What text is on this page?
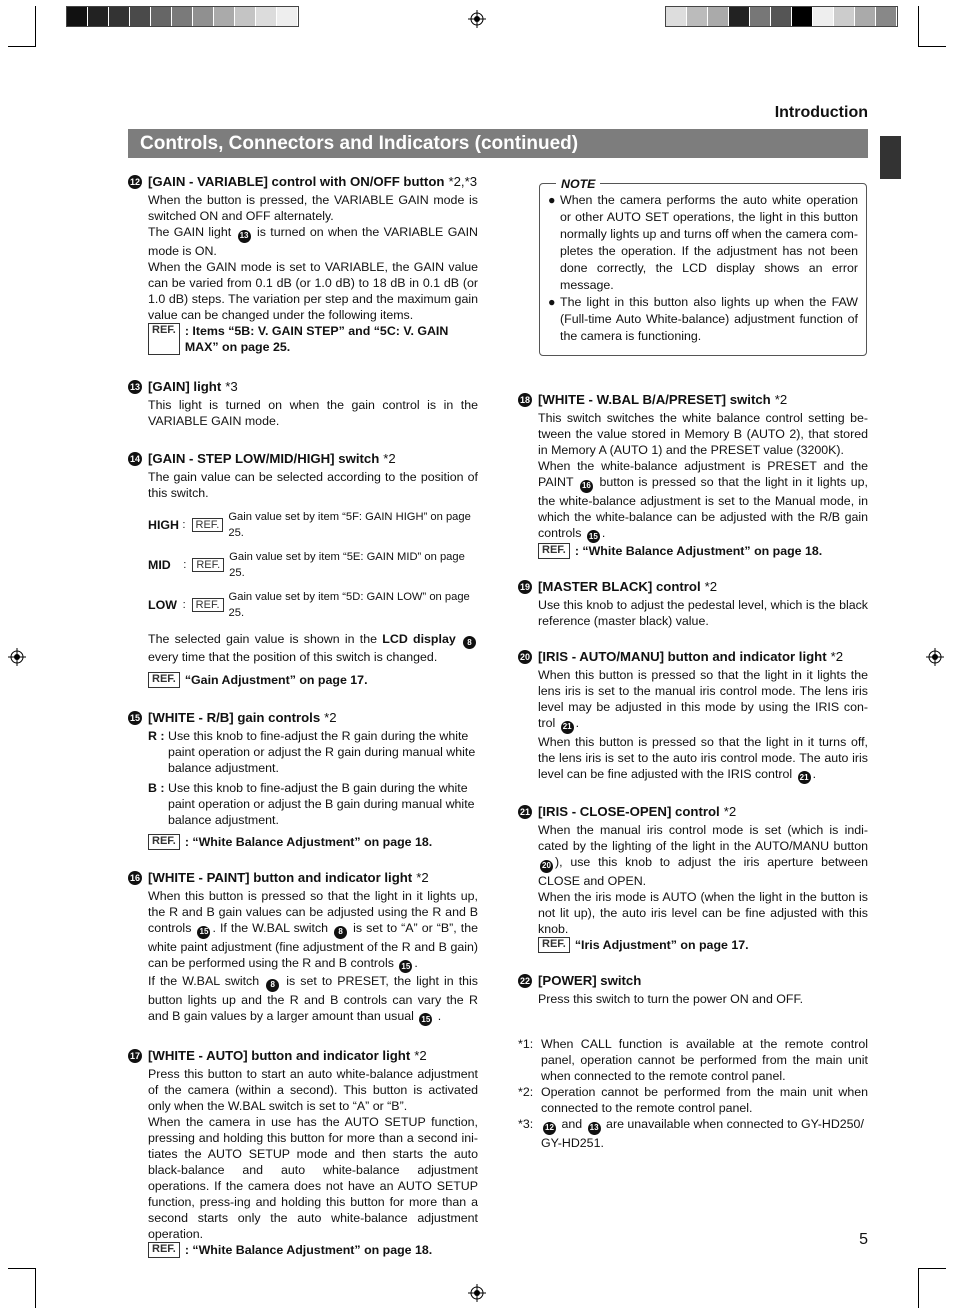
Introduction
Controls, Connectors and Indicators (continued)
12 [GAIN - VARIABLE] control with ON/OFF button *2,*3
When the button is pressed, the VARIABLE GAIN mode is switched ON and OFF alternately.
The GAIN light 13 is turned on when the VARIABLE GAIN mode is ON.
When the GAIN mode is set to VARIABLE, the GAIN value can be varied from 0.1 dB (or 1.0 dB) to 18 dB in 0.1 dB (or 1.0 dB) steps. The variation per step and the maximum gain value can be changed under the following items.
REF. : Items “5B: V. GAIN STEP” and “5C: V. GAIN MAX” on page 25.
13 [GAIN] light *3
This light is turned on when the gain control is in the VARIABLE GAIN mode.
14 [GAIN - STEP LOW/MID/HIGH] switch *2
The gain value can be selected according to the position of this switch.
HIGH : REF.
Gain value set by item “5F: GAIN HIGH” on page 25.
MID	: REF.
Gain value set by item “5E: GAIN MID” on page 25.
LOW : REF.
Gain value set by item “5D: GAIN LOW” on page 25.
The selected gain value is shown in the LCD display 8 every time that the position of this switch is changed.
REF. “Gain Adjustment” on page 17.
15 [WHITE - R/B] gain controls *2
R : Use this knob to fine-adjust the R gain during the white paint operation or adjust the R gain during manual white balance adjustment.
B : Use this knob to fine-adjust the B gain during the white paint operation or adjust the B gain during manual white balance adjustment.
REF. : “White Balance Adjustment” on page 18.
16 [WHITE - PAINT] button and indicator light *2
When this button is pressed so that the light in it lights up, the R and B gain values can be adjusted using the R and B controls 15 . If the W.BAL switch 8 is set to “A” or “B”, the white paint adjustment (fine adjustment of the R and B gain) can be performed using the R and B controls 15 .
If the W.BAL switch 8 is set to PRESET, the light in this button lights up and the R and B controls can vary the R and B gain values by a larger amount than usual 15 .
17 [WHITE - AUTO] button and indicator light *2
Press this button to start an auto white-balance adjustment of the camera (within a second). This button is activated only when the W.BAL switch is set to “A” or “B”.
When the camera in use has the AUTO SETUP function, pressing and holding this button for more than a second ini-tiates the AUTO SETUP mode and then starts the auto black-balance and auto white-balance adjustment operations. If the camera does not have an AUTO SETUP function, press-ing and holding this button for more than a second starts only the auto white-balance adjustment operation.
REF. : “White Balance Adjustment” on page 18.
NOTE
● When the camera performs the auto white operation or other AUTO SET operations, the light in this button normally lights up and turns off when the camera com-pletes the operation. If the adjustment has not been done correctly, the LCD display shows an error message.
● The light in this button also lights up when the FAW (Full-time Auto White-balance) adjustment function of the camera is functioning.
18 [WHITE - W.BAL B/A/PRESET] switch *2
This switch switches the white balance control setting be-tween the value stored in Memory B (AUTO 2), that stored in Memory A (AUTO 1) and the PRESET value (3200K).
When the white-balance adjustment is PRESET and the PAINT 16 button is pressed so that the light in it lights up, the white-balance adjustment is set to the Manual mode, in which the white-balance can be adjusted with the R/B gain controls 15 .
REF. : “White Balance Adjustment” on page 18.
19 [MASTER BLACK] control *2
Use this knob to adjust the pedestal level, which is the black reference (master black) value.
20 [IRIS - AUTO/MANU] button and indicator light *2
When this button is pressed so that the light in it lights the lens iris is set to the manual iris control mode. The lens iris level may be adjusted in this mode by using the IRIS con-trol 21 .
When this button is pressed so that the light in it turns off, the lens iris is set to the auto iris control mode. The auto iris level can be fine adjusted with the IRIS control 21 .
21 [IRIS - CLOSE-OPEN] control *2
When the manual iris control mode is set (which is indi-cated by the lighting of the light in the AUTO/MANU button 20 ), use this knob to adjust the iris aperture between CLOSE and OPEN.
When the iris mode is AUTO (when the light in the button is not lit up), the auto iris level can be fine adjusted with this knob.
REF. “Iris Adjustment” on page 17.
22 [POWER] switch
Press this switch to turn the power ON and OFF.
*1: When CALL function is available at the remote control panel, operation cannot be performed from the main unit when connected to the remote control panel.
*2: Operation cannot be performed from the main unit when connected to the remote control panel.
*3:	12 and 13 are unavailable when connected to GY-HD250/ GY-HD251.
5
